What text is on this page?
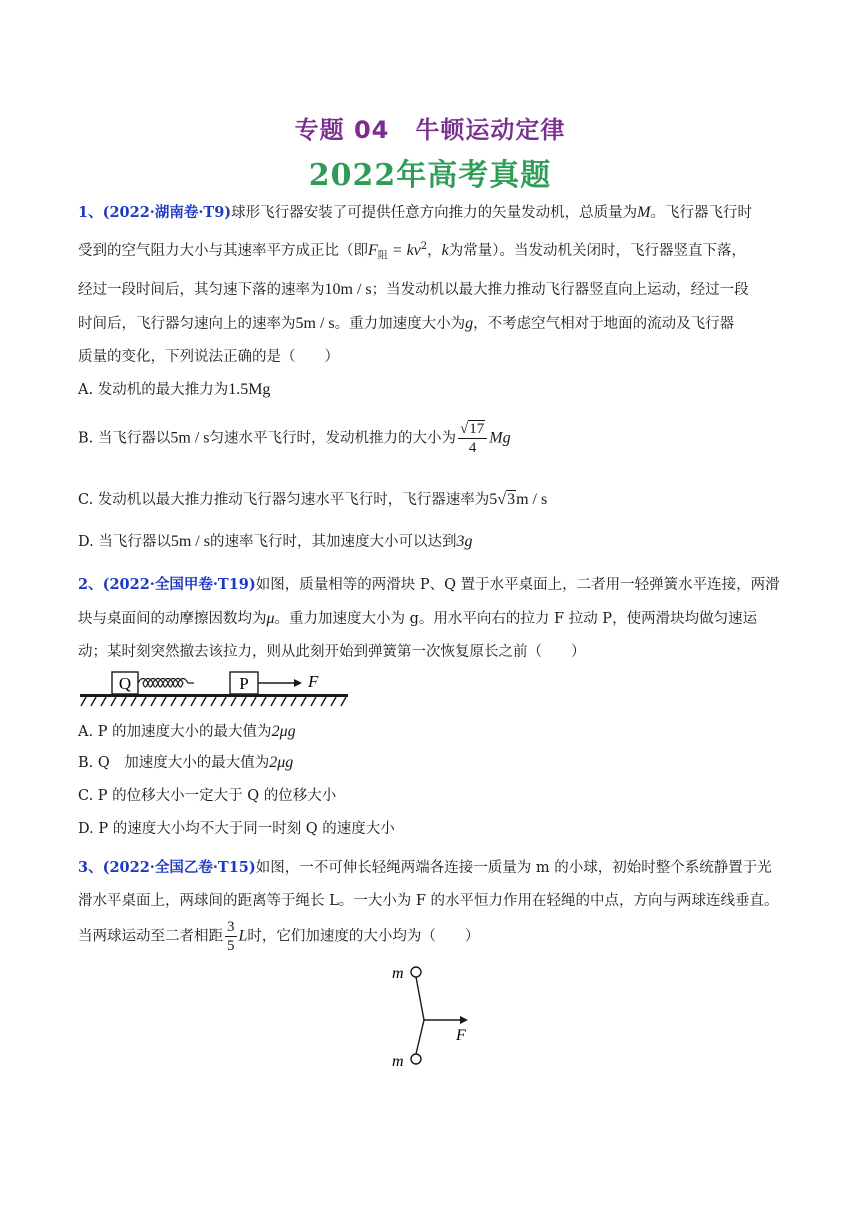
专题 04 牛顿运动定律
2022年高考真题
1、(2022·湖南卷·T9)球形飞行器安装了可提供任意方向推力的矢量发动机，总质量为M。飞行器飞行时
受到的空气阻力大小与其速率平方成正比（即$F_阻 = kv^2$，k为常量）。当发动机关闭时，飞行器竖直下落，
经过一段时间后，其匀速下落的速率为10m / s；当发动机以最大推力推动飞行器竖直向上运动，经过一段
时间后，飞行器匀速向上的速率为5m / s。重力加速度大小为g，不考虑空气相对于地面的流动及飞行器
质量的变化，下列说法正确的是（　　）
A. 发动机的最大推力为1.5Mg
B. 当飞行器以5m / s匀速水平飞行时，发动机推力的大小为 $\frac{√17}{4}$ Mg
C. 发动机以最大推力推动飞行器匀速水平飞行时，飞行器速率为5√3m / s
D. 当飞行器以5m / s的速率飞行时，其加速度大小可以达到3g
2、(2022·全国甲卷·T19)如图，质量相等的两滑块 P、Q 置于水平桌面上，二者用一轻弹簧水平连接，两滑
块与桌面间的动摩擦因数均为μ。重力加速度大小为 g。用水平向右的拉力 F 拉动 P，使两滑块均做匀速运
动；某时刻突然撤去该拉力，则从此刻开始到弹簧第一次恢复原长之前（　　）
Q	P	F
A. P 的加速度大小的最大值为2μg
B. Q　加速度大小的最大值为2μg
C. P 的位移大小一定大于 Q 的位移大小
D. P 的速度大小均不大于同一时刻 Q 的速度大小
3、(2022·全国乙卷·T15)如图，一不可伸长轻绳两端各连接一质量为 m 的小球，初始时整个系统静置于光
滑水平桌面上，两球间的距离等于绳长 L。一大小为 F 的水平恒力作用在轻绳的中点，方向与两球连线垂直。
当两球运动至二者相距 $\frac{3}{5}$ L时，它们加速度的大小均为（　　）
m
m
F
